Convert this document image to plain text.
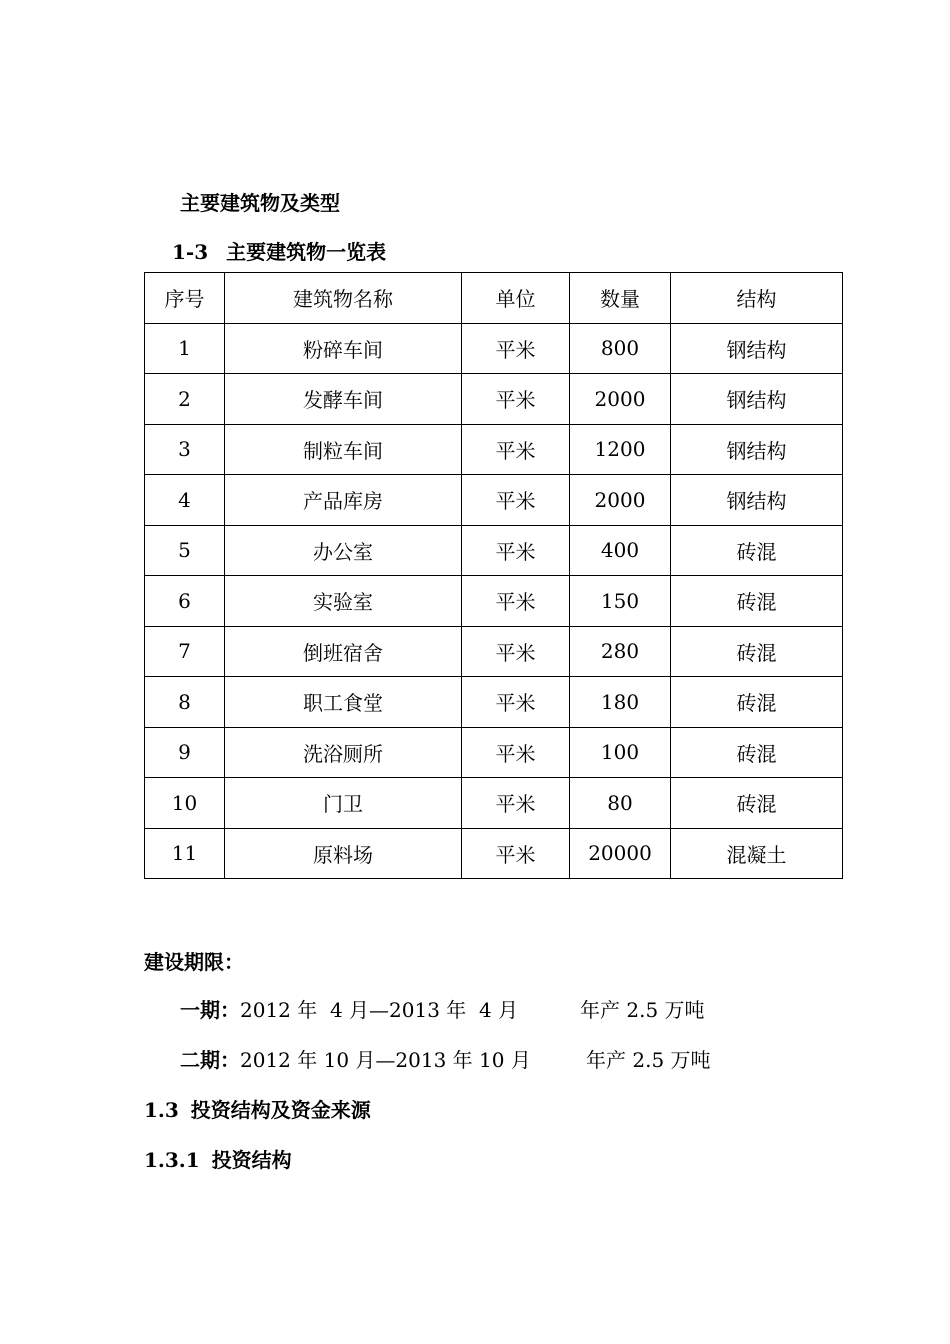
主要建筑物及类型
1-3 主要建筑物一览表
序号	建筑物名称	单位	数量	结构
1	粉碎车间	平米	800	钢结构
2	发酵车间	平米	2000	钢结构
3	制粒车间	平米	1200	钢结构
4	产品库房	平米	2000	钢结构
5	办公室	平米	400	砖混
6	实验室	平米	150	砖混
7	倒班宿舍	平米	280	砖混
8	职工食堂	平米	180	砖混
9	洗浴厕所	平米	100	砖混
10	门卫	平米	80	砖混
11	原料场	平米	20000	混凝土
建设期限：
一期：2012 年  4 月—2013 年  4 月	年产 2.5 万吨
二期：2012 年 10 月—2013 年 10 月	年产 2.5 万吨
1.3 投资结构及资金来源
1.3.1 投资结构
